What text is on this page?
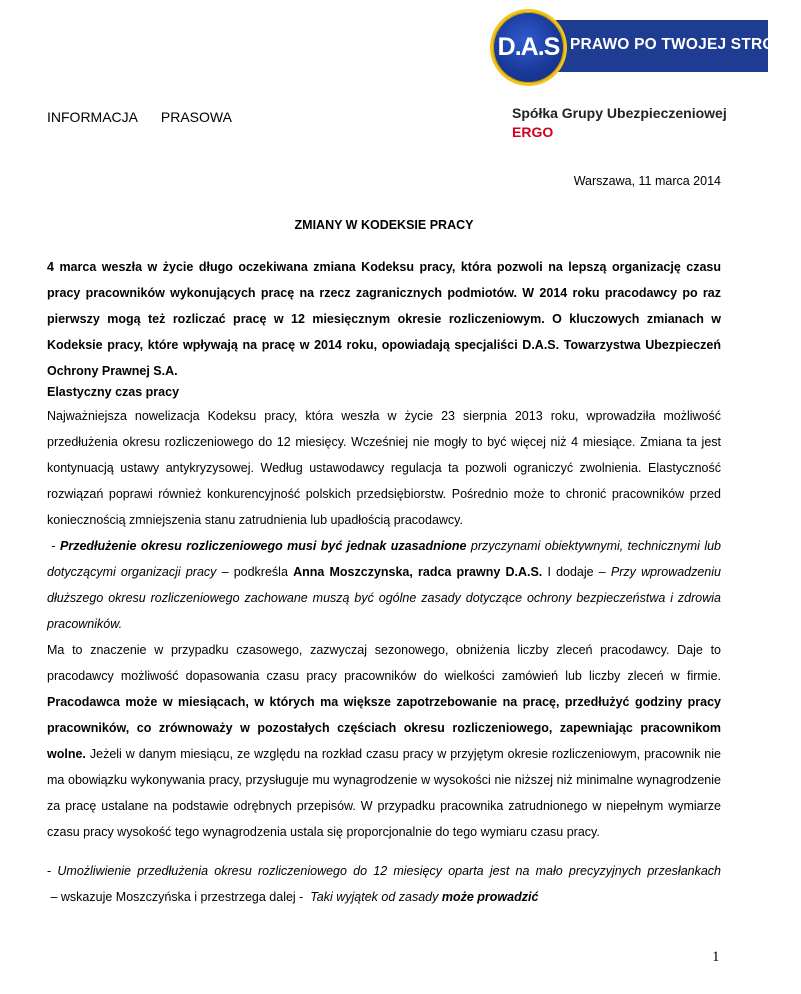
D.A.S PRAWO PO TWOJEJ STRONIE
Spółka Grupy Ubezpieczeniowej
ERGO
INFORMACJA   PRASOWA
Warszawa, 11 marca 2014
ZMIANY W KODEKSIE PRACY
4 marca weszła w życie długo oczekiwana zmiana Kodeksu pracy, która pozwoli na lepszą organizację czasu pracy pracowników wykonujących pracę na rzecz zagranicznych podmiotów. W 2014 roku pracodawcy po raz pierwszy mogą też rozliczać pracę w 12 miesięcznym okresie rozliczeniowym. O kluczowych zmianach w Kodeksie pracy, które wpływają na pracę w 2014 roku, opowiadają specjaliści D.A.S. Towarzystwa Ubezpieczeń Ochrony Prawnej S.A.
Elastyczny czas pracy

Najważniejsza nowelizacja Kodeksu pracy, która weszła w życie 23 sierpnia 2013 roku, wprowadziła możliwość przedłużenia okresu rozliczeniowego do 12 miesięcy. Wcześniej nie mogły to być więcej niż 4 miesiące. Zmiana ta jest kontynuacją ustawy antykryzysowej. Według ustawodawcy regulacja ta pozwoli ograniczyć zwolnienia. Elastyczność rozwiązań poprawi również konkurencyjność polskich przedsiębiorstw. Pośrednio może to chronić pracowników przed koniecznością zmniejszenia stanu zatrudnienia lub upadłością pracodawcy.

- Przedłużenie okresu rozliczeniowego musi być jednak uzasadnione przyczynami obiektywnymi, technicznymi lub dotyczącymi organizacji pracy – podkreśla Anna Moszczynska, radca prawny D.A.S. I dodaje – Przy wprowadzeniu dłuższego okresu rozliczeniowego zachowane muszą być ogólne zasady dotyczące ochrony bezpieczeństwa i zdrowia pracowników.

Ma to znaczenie w przypadku czasowego, zazwyczaj sezonowego, obniżenia liczby zleceń pracodawcy. Daje to pracodawcy możliwość dopasowania czasu pracy pracowników do wielkości zamówień lub liczby zleceń w firmie. Pracodawca może w miesiącach, w których ma większe zapotrzebowanie na pracę, przedłużyć godziny pracy pracowników, co zrównoważy w pozostałych częściach okresu rozliczeniowego, zapewniając pracownikom wolne. Jeżeli w danym miesiącu, ze względu na rozkład czasu pracy w przyjętym okresie rozliczeniowym, pracownik nie ma obowiązku wykonywania pracy, przysługuje mu wynagrodzenie w wysokości nie niższej niż minimalne wynagrodzenie za pracę ustalane na podstawie odrębnych przepisów. W przypadku pracownika zatrudnionego w niepełnym wymiarze czasu pracy wysokość tego wynagrodzenia ustala się proporcjonalnie do tego wymiaru czasu pracy.

- Umożliwienie przedłużenia okresu rozliczeniowego do 12 miesięcy oparta jest na mało precyzyjnych przesłankach – wskazuje Moszczyńska i przestrzega dalej -  Taki wyjątek od zasady może prowadzić

1
